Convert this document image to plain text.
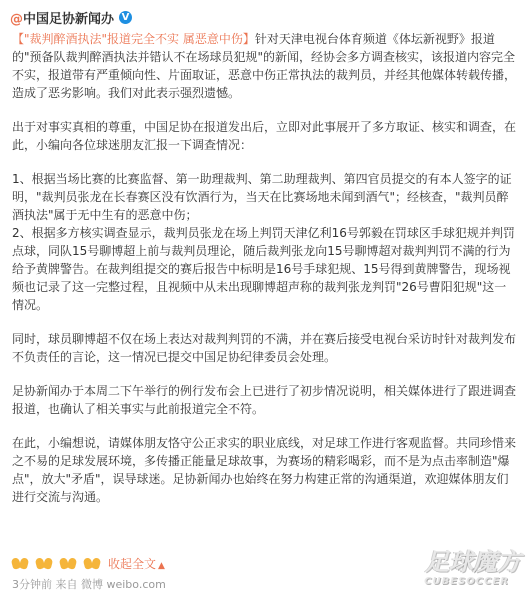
@中国足协新闻办 V

【"裁判醉酒执法"报道完全不实 属恶意中伤】针对天津电视台体育频道《体坛新视野》报道的"预备队裁判醉酒执法并错认不在场球员犯规"的新闻，经协会多方调查核实，该报道内容完全不实，报道带有严重倾向性、片面取证，恶意中伤正常执法的裁判员，并经其他媒体转载传播，造成了恶劣影响。我们对此表示强烈遗憾。

出于对事实真相的尊重，中国足协在报道发出后，立即对此事展开了多方取证、核实和调查，在此，小编向各位球迷朋友汇报一下调查情况：

1、根据当场比赛的比赛监督、第一助理裁判、第二助理裁判、第四官员提交的有本人签字的证明，"裁判员张龙在长春赛区没有饮酒行为，当天在比赛场地未闻到酒气"；经核查，"裁判员醉酒执法"属于无中生有的恶意中伤；

2、根据多方核实调查显示，裁判员张龙在场上判罚天津亿利16号郭毅在罚球区手球犯规并判罚点球，同队15号聊博超上前与裁判员理论，随后裁判张龙向15号聊博超对裁判判罚不满的行为给予黄牌警告。在裁判组提交的赛后报告中标明是16号手球犯规、15号得到黄牌警告，现场视频也记录了这一完整过程，且视频中从未出现聊博超声称的裁判张龙判罚"26号曹阳犯规"这一情况。

同时，球员聊博超不仅在场上表达对裁判判罚的不满，并在赛后接受电视台采访时针对裁判发布不负责任的言论，这一情况已提交中国足协纪律委员会处理。

足协新闻办于本周二下午举行的例行发布会上已进行了初步情况说明，相关媒体进行了跟进调查报道，也确认了相关事实与此前报道完全不符。

在此，小编想说，请媒体朋友恪守公正求实的职业底线，对足球工作进行客观监督。共同珍惜来之不易的足球发展环境，多传播正能量足球故事，为赛场的精彩喝彩，而不是为点击率制造"爆点"，放大"矛盾"，误导球迷。足协新闻办也始终在努力构建正常的沟通渠道，欢迎媒体朋友们进行交流与沟通。

收起全文 ▲
3分钟前 来自 微博 weibo.com
足球魔方
CUBESOCCER
